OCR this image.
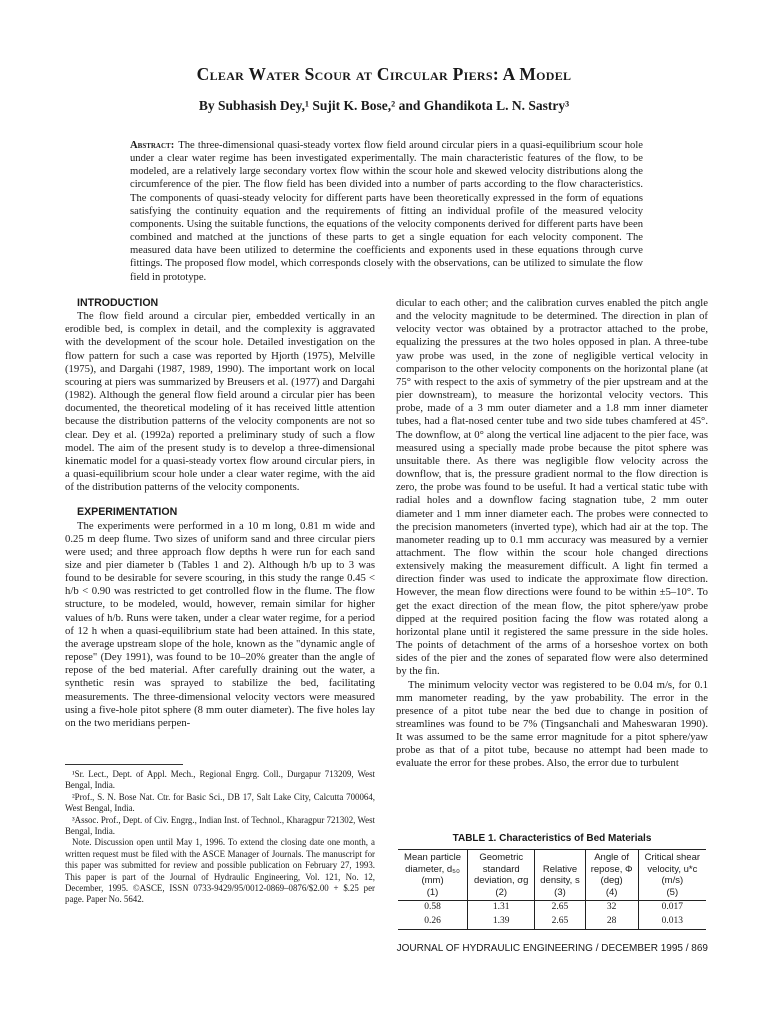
Clear Water Scour at Circular Piers: A Model
By Subhasish Dey,¹ Sujit K. Bose,² and Ghandikota L. N. Sastry³
Abstract: The three-dimensional quasi-steady vortex flow field around circular piers in a quasi-equilibrium scour hole under a clear water regime has been investigated experimentally. The main characteristic features of the flow, to be modeled, are a relatively large secondary vortex flow within the scour hole and skewed velocity distributions along the circumference of the pier. The flow field has been divided into a number of parts according to the flow characteristics. The components of quasi-steady velocity for different parts have been theoretically expressed in the form of equations satisfying the continuity equation and the requirements of fitting an individual profile of the measured velocity components. Using the suitable functions, the equations of the velocity components derived for different parts have been combined and matched at the junctions of these parts to get a single equation for each velocity component. The measured data have been utilized to determine the coefficients and exponents used in these equations through curve fittings. The proposed flow model, which corresponds closely with the observations, can be utilized to simulate the flow field in prototype.

INTRODUCTION

The flow field around a circular pier, embedded vertically in an erodible bed, is complex in detail, and the complexity is aggravated with the development of the scour hole. Detailed investigation on the flow pattern for such a case was reported by Hjorth (1975), Melville (1975), and Dargahi (1987, 1989, 1990). The important work on local scouring at piers was summarized by Breusers et al. (1977) and Dargahi (1982). Although the general flow field around a circular pier has been documented, the theoretical modeling of it has received little attention because the distribution patterns of the velocity components are not so clear. Dey et al. (1992a) reported a preliminary study of such a flow model. The aim of the present study is to develop a three-dimensional kinematic model for a quasi-steady vortex flow around circular piers, in a quasi-equilibrium scour hole under a clear water regime, with the aid of the distribution patterns of the velocity components.

EXPERIMENTATION

The experiments were performed in a 10 m long, 0.81 m wide and 0.25 m deep flume. Two sizes of uniform sand and three circular piers were used; and three approach flow depths h were run for each sand size and pier diameter b (Tables 1 and 2). Although h/b up to 3 was found to be desirable for severe scouring, in this study the range 0.45 < h/b < 0.90 was restricted to get controlled flow in the flume. The flow structure, to be modeled, would, however, remain similar for higher values of h/b. Runs were taken, under a clear water regime, for a period of 12 h when a quasi-equilibrium state had been attained. In this state, the average upstream slope of the hole, known as the "dynamic angle of repose" (Dey 1991), was found to be 10–20% greater than the angle of repose of the bed material. After carefully draining out the water, a synthetic resin was sprayed to stabilize the bed, facilitating measurements. The three-dimensional velocity vectors were measured using a five-hole pitot sphere (8 mm outer diameter). The five holes lay on the two meridians perpen-

¹Sr. Lect., Dept. of Appl. Mech., Regional Engrg. Coll., Durgapur 713209, West Bengal, India.

²Prof., S. N. Bose Nat. Ctr. for Basic Sci., DB 17, Salt Lake City, Calcutta 700064, West Bengal, India.

³Assoc. Prof., Dept. of Civ. Engrg., Indian Inst. of Technol., Kharagpur 721302, West Bengal, India.

Note. Discussion open until May 1, 1996. To extend the closing date one month, a written request must be filed with the ASCE Manager of Journals. The manuscript for this paper was submitted for review and possible publication on February 27, 1993. This paper is part of the Journal of Hydraulic Engineering, Vol. 121, No. 12, December, 1995. ©ASCE, ISSN 0733-9429/95/0012-0869–0876/$2.00 + $.25 per page. Paper No. 5642.

dicular to each other; and the calibration curves enabled the pitch angle and the velocity magnitude to be determined. The direction in plan of velocity vector was obtained by a protractor attached to the probe, equalizing the pressures at the two holes opposed in plan. A three-tube yaw probe was used, in the zone of negligible vertical velocity in comparison to the other velocity components on the horizontal plane (at 75° with respect to the axis of symmetry of the pier upstream and at the pier downstream), to measure the horizontal velocity vectors. This probe, made of a 3 mm outer diameter and a 1.8 mm inner diameter tubes, had a flat-nosed center tube and two side tubes chamfered at 45°. The downflow, at 0° along the vertical line adjacent to the pier face, was measured using a specially made probe because the pitot sphere was unsuitable there. As there was negligible flow velocity across the downflow, that is, the pressure gradient normal to the flow direction is zero, the probe was found to be useful. It had a vertical static tube with radial holes and a downflow facing stagnation tube, 2 mm outer diameter and 1 mm inner diameter each. The probes were connected to the precision manometers (inverted type), which had air at the top. The manometer reading up to 0.1 mm accuracy was measured by a vernier attachment. The flow within the scour hole changed directions extensively making the measurement difficult. A light fin termed a direction finder was used to indicate the approximate flow direction. However, the mean flow directions were found to be within ±5–10°. To get the exact direction of the mean flow, the pitot sphere/yaw probe dipped at the required position facing the flow was rotated along a horizontal plane until it registered the same pressure in the side holes. The points of detachment of the arms of a horseshoe vortex on both sides of the pier and the zones of separated flow were also determined by the fin.

The minimum velocity vector was registered to be 0.04 m/s, for 0.1 mm manometer reading, by the yaw probability. The error in the presence of a pitot tube near the bed due to change in position of streamlines was found to be 7% (Tingsanchali and Maheswaran 1990). It was assumed to be the same error magnitude for a pitot sphere/yaw probe as that of a pitot tube, because no attempt had been made to evaluate the error for these probes. Also, the error due to turbulent

TABLE 1. Characteristics of Bed Materials
Mean particle
diameter, d₅₀
(mm)
(1)	Geometric
standard
deviation, σg
(2)	Relative
density, s
(3)	Angle of
repose, Φ
(deg)
(4)	Critical shear
velocity, u*c
(m/s)
(5)
0.58	1.31	2.65	32	0.017
0.26	1.39	2.65	28	0.013
JOURNAL OF HYDRAULIC ENGINEERING / DECEMBER 1995 / 869
